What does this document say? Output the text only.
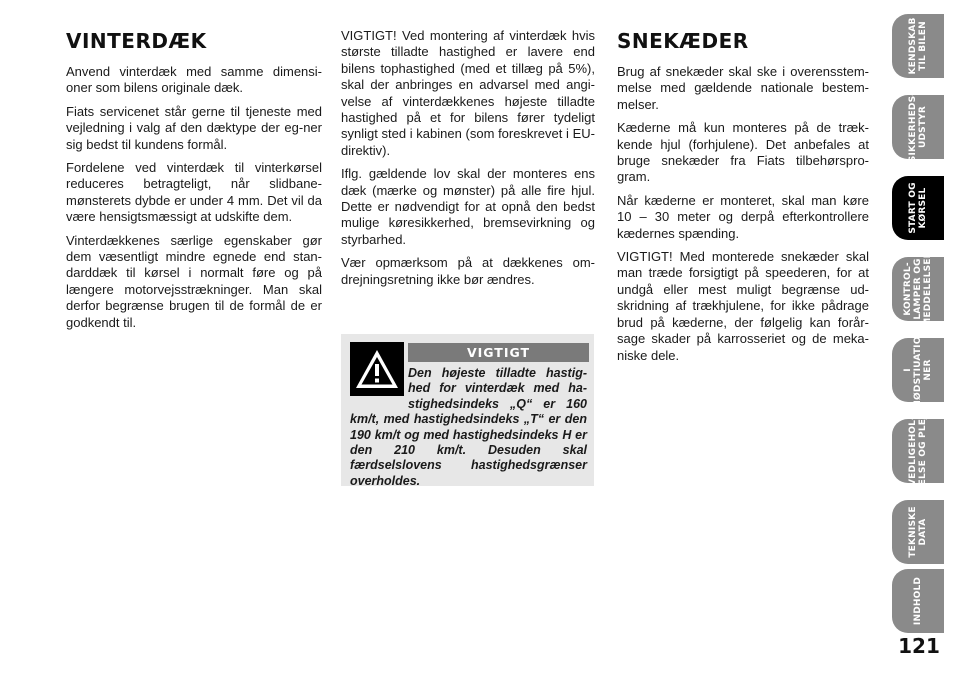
VINTERDÆK

Anvend vinterdæk med samme dimensi-oner som bilens originale dæk.

Fiats servicenet står gerne til tjeneste med vejledning i valg af den dæktype der eg-ner sig bedst til kundens formål.

Fordelene ved vinterdæk til vinterkørsel reduceres betragteligt, når slidbane-mønsterets dybde er under 4 mm. Det vil da være hensigtsmæssigt at udskifte dem.

Vinterdækkenes særlige egenskaber gør dem væsentligt mindre egnede end stan-darddæk til kørsel i normalt føre og på længere motorvejsstrækninger. Man skal derfor begrænse brugen til de formål de er godkendt til.

VIGTIGT! Ved montering af vinterdæk hvis største tilladte hastighed er lavere end bilens tophastighed (med et tillæg på 5%), skal der anbringes en advarsel med angi-velse af vinterdækkenes højeste tilladte hastighed på et for bilens fører tydeligt synligt sted i kabinen (som foreskrevet i EU-direktiv).

Iflg. gældende lov skal der monteres ens dæk (mærke og mønster) på alle fire hjul. Dette er nødvendigt for at opnå den bedst mulige køresikkerhed, bremsevirkning og styrbarhed.

Vær opmærksom på at dækkenes om-drejningsretning ikke bør ændres.

VIGTIGT
Den højeste tilladte hastig-hed for vinterdæk med ha-stighedsindeks „Q“ er 160 km/t, med hastighedsindeks „T“ er den 190 km/t og med hastighedsindeks H er den 210 km/t. Desuden skal færdselslovens hastighedsgrænser overholdes.
SNEKÆDER

Brug af snekæder skal ske i overensstem-melse med gældende nationale bestem-melser.

Kæderne må kun monteres på de træk-kende hjul (forhjulene). Det anbefales at bruge snekæder fra Fiats tilbehørspro-gram.

Når kæderne er monteret, skal man køre 10 – 30 meter og derpå efterkontrollere kædernes spænding.

VIGTIGT! Med monterede snekæder skal man træde forsigtigt på speederen, for at undgå eller mest muligt begrænse ud-skridning af trækhjulene, for ikke pådrage brud på kæderne, der følgelig kan forår-sage skader på karrosseriet og de meka-niske dele.

KENDSKAB
TIL BILEN
SIKKERHEDS-
UDSTYR
START OG
KØRSEL
KONTROL-
LAMPER OG
MEDDELELSER
I
NØDSTIUATIO-
NER
VEDLIGEHOL-
DELSE OG PLEJE
TEKNISKE
DATA
INDHOLD
121
